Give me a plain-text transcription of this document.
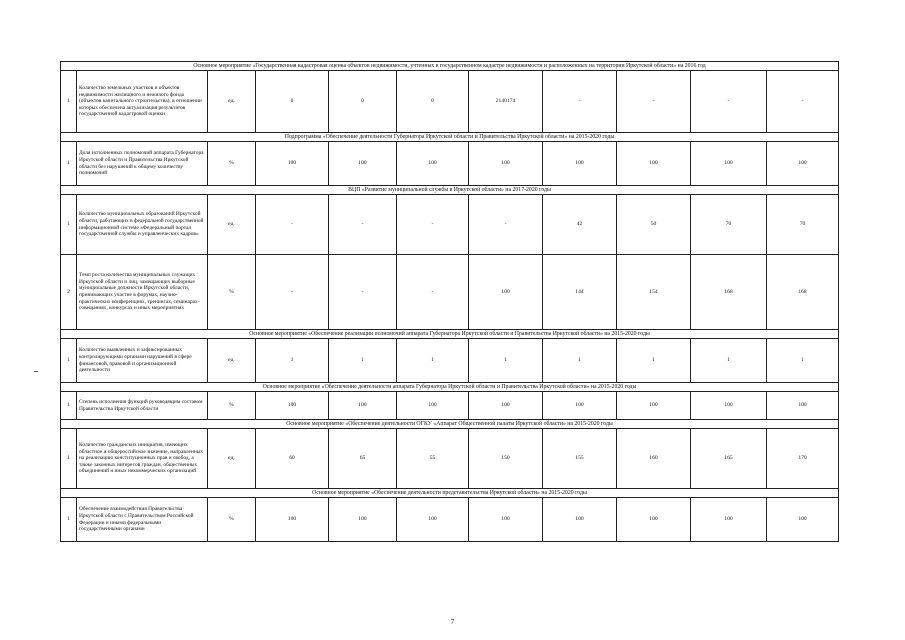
Основное мероприятие «Государственная кадастровая оценка объектов недвижимости, учтенных в государственном кадастре недвижимости и расположенных на территории Иркутской области» на 2016 год										
1	Количество земельных участков и объектов недвижимости жилищного и нежилого фонда (объектов капитального строительства), в отношении которых обеспечена актуализация результатов государственной кадастровой оценки	ед.	0	0	0	2140174	-	-	-	-
Подпрограмма «Обеспечение деятельности Губернатора Иркутской области и Правительства Иркутской области» на 2015-2020 годы										
1	Доля исполненных полномочий аппарата Губернатора Иркутской области и Правительства Иркутской области без нарушений к общему количеству полномочий	%	100	100	100	100	100	100	100	100
ВЦП «Развитие муниципальной службы в Иркутской области» на 2017-2020 годы										
1	Количество муниципальных образований Иркутской области, работающих в федеральной государственной информационной системе «Федеральный портал государственной службы и управленческих кадров»	ед.	-	-	-	-	42	50	70	70
2	Темп роста количества муниципальных служащих Иркутской области и лиц, замещающих выборные муниципальные должности Иркутской области, принимающих участие в форумах, научно-практических конференциях, тренингах, семинарах-совещаниях, конкурсах и иных мероприятиях	%	-	-	-	100	144	154	168	168
Основное мероприятие «Обеспечение реализации полномочий аппарата Губернатора Иркутской области и Правительства Иркутской области» на 2015-2020 годы										
1	Количество выявленных и зафиксированных контролирующими органами нарушений в сфере финансовой, правовой и организационной деятельности	ед.	1	1	1	1	1	1	1	1
Основное мероприятие «Обеспечение деятельности аппарата Губернатора Иркутской области и Правительства Иркутской области» на 2015-2020 годы										
1	Степень исполнения функций руководящим составом Правительства Иркутской области	%	100	100	100	100	100	100	100	100
Основное мероприятие «Обеспечение деятельности ОГКУ «Аппарат Общественной палаты Иркутской области» на 2015-2020 годы										
1	Количество гражданских инициатив, имеющих областное и общероссийское значение, направленных на реализацию конституционных прав и свобод, а также законных интересов граждан, общественных объединений и иных некоммерческих организаций	ед.	60	65	55	150	155	160	165	170
Основное мероприятие «Обеспечение деятельности представительства Иркутской области» на 2015-2020 годы										
1	Обеспечение взаимодействия Правительства Иркутской области с Правительством Российской Федерации и иными федеральными государственными органами	%	100	100	100	100	100	100	100	100
7
